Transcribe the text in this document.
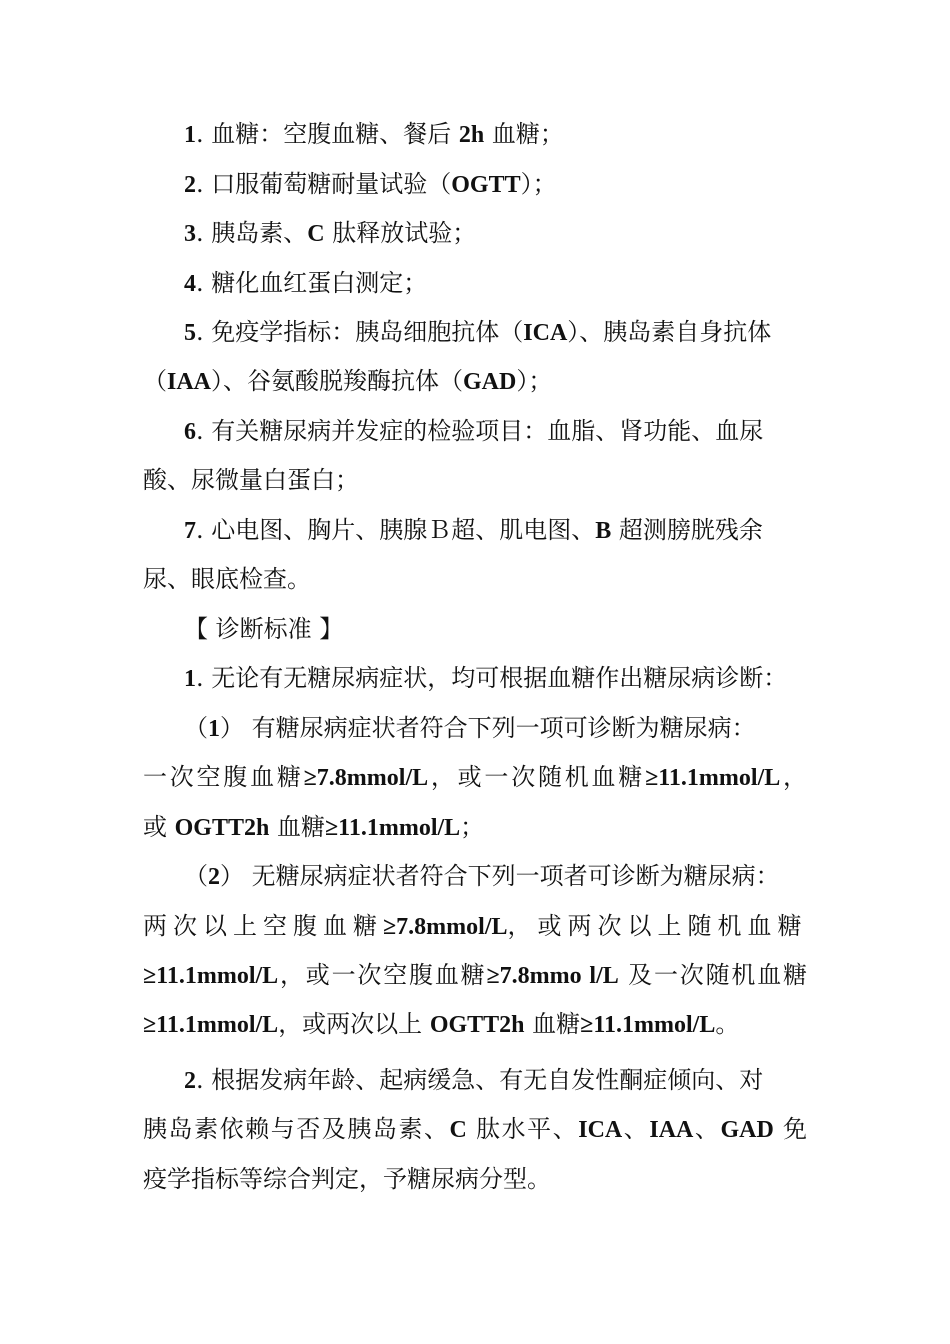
1. 血糖：空腹血糖、餐后 2h 血糖；
2. 口服葡萄糖耐量试验（OGTT）；
3. 胰岛素、C 肽释放试验；
4. 糖化血红蛋白测定；
5. 免疫学指标：胰岛细胞抗体（ICA）、胰岛素自身抗体
（IAA）、谷氨酸脱羧酶抗体（GAD）；
6. 有关糖尿病并发症的检验项目：血脂、肾功能、血尿
酸、尿微量白蛋白；
7. 心电图、胸片、胰腺Ｂ超、肌电图、B 超测膀胱残余
尿、眼底检查。
【 诊断标准 】
1. 无论有无糖尿病症状，均可根据血糖作出糖尿病诊断：
（1） 有糖尿病症状者符合下列一项可诊断为糖尿病：
一次空腹血糖≥7.8mmol/L，或一次随机血糖≥11.1mmol/L，
或 OGTT2h 血糖≥11.1mmol/L；
（2） 无糖尿病症状者符合下列一项者可诊断为糖尿病：
两次以上空腹血糖≥7.8mmol/L，或两次以上随机血糖
≥11.1mmol/L，或一次空腹血糖≥7.8mmo l/L 及一次随机血糖
≥11.1mmol/L，或两次以上 OGTT2h 血糖≥11.1mmol/L。
2. 根据发病年龄、起病缓急、有无自发性酮症倾向、对
胰岛素依赖与否及胰岛素、C 肽水平、ICA、IAA、GAD 免
疫学指标等综合判定，予糖尿病分型。
